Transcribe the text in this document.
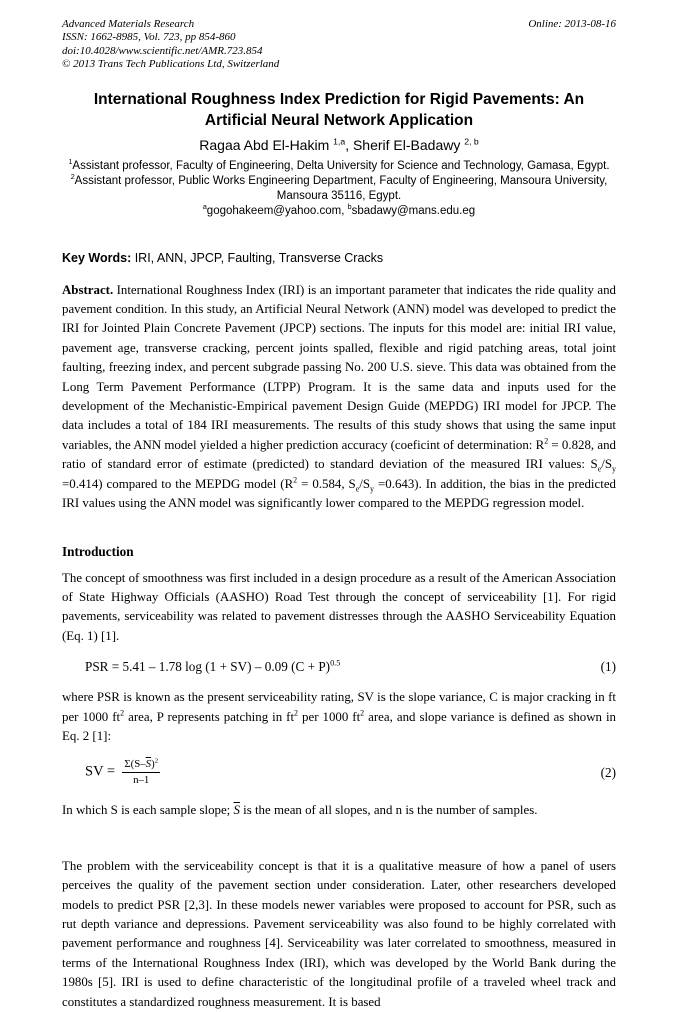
Advanced Materials Research
ISSN: 1662-8985, Vol. 723, pp 854-860
doi:10.4028/www.scientific.net/AMR.723.854
© 2013 Trans Tech Publications Ltd, Switzerland
Online: 2013-08-16
International Roughness Index Prediction for Rigid Pavements: An Artificial Neural Network Application
Ragaa Abd El-Hakim $^{1,a}$, Sherif El-Badawy $^{2, b}$

$^1$Assistant professor, Faculty of Engineering, Delta University for Science and Technology, Gamasa, Egypt.

$^2$Assistant professor, Public Works Engineering Department, Faculty of Engineering, Mansoura University, Mansoura 35116, Egypt.

$^a$gogohakeem@yahoo.com, $^b$sbadawy@mans.edu.eg

Key Words: IRI, ANN, JPCP, Faulting, Transverse Cracks

Abstract. International Roughness Index (IRI) is an important parameter that indicates the ride quality and pavement condition. In this study, an Artificial Neural Network (ANN) model was developed to predict the IRI for Jointed Plain Concrete Pavement (JPCP) sections. The inputs for this model are: initial IRI value, pavement age, transverse cracking, percent joints spalled, flexible and rigid patching areas, total joint faulting, freezing index, and percent subgrade passing No. 200 U.S. sieve. This data was obtained from the Long Term Pavement Performance (LTPP) Program. It is the same data and inputs used for the development of the Mechanistic-Empirical pavement Design Guide (MEPDG) IRI model for JPCP. The data includes a total of 184 IRI measurements. The results of this study shows that using the same input variables, the ANN model yielded a higher prediction accuracy (coeficint of determination: $R^2 = 0.828$, and ratio of standard error of estimate (predicted) to standard deviation of the measured IRI values: $S_e/S_y =0.414$) compared to the MEPDG model ($R^2 = 0.584$, $S_e/S_y =0.643$). In addition, the bias in the predicted IRI values using the ANN model was significantly lower compared to the MEPDG regression model.

Introduction

The concept of smoothness was first included in a design procedure as a result of the American Association of State Highway Officials (AASHO) Road Test through the concept of serviceability [1]. For rigid pavements, serviceability was related to pavement distresses through the AASHO Serviceability Equation (Eq. 1) [1].

PSR = 5.41 – 1.78 log (1 + SV) – 0.09 $(C + P)^{0.5}$	(1)

where PSR is known as the present serviceability rating, SV is the slope variance, C is major cracking in ft per 1000 $ft^2$ area, P represents patching in $ft^2$ per 1000 $ft^2$ area, and slope variance is defined as shown in Eq. 2 [1]:

SV = $\frac{\Sigma(S-\overline{S})^2}{n-1}$	(2)

In which S is each sample slope; $\overline{S}$ is the mean of all slopes, and n is the number of samples.

The problem with the serviceability concept is that it is a qualitative measure of how a panel of users perceives the quality of the pavement section under consideration. Later, other researchers developed models to predict PSR [2,3]. In these models newer variables were proposed to account for PSR, such as rut depth variance and depressions. Pavement serviceability was also found to be highly correlated with pavement performance and roughness [4]. Serviceability was later correlated to smoothness, measured in terms of the International Roughness Index (IRI), which was developed by the World Bank during the 1980s [5]. IRI is used to define characteristic of the longitudinal profile of a traveled wheel track and constitutes a standardized roughness measurement. It is based
